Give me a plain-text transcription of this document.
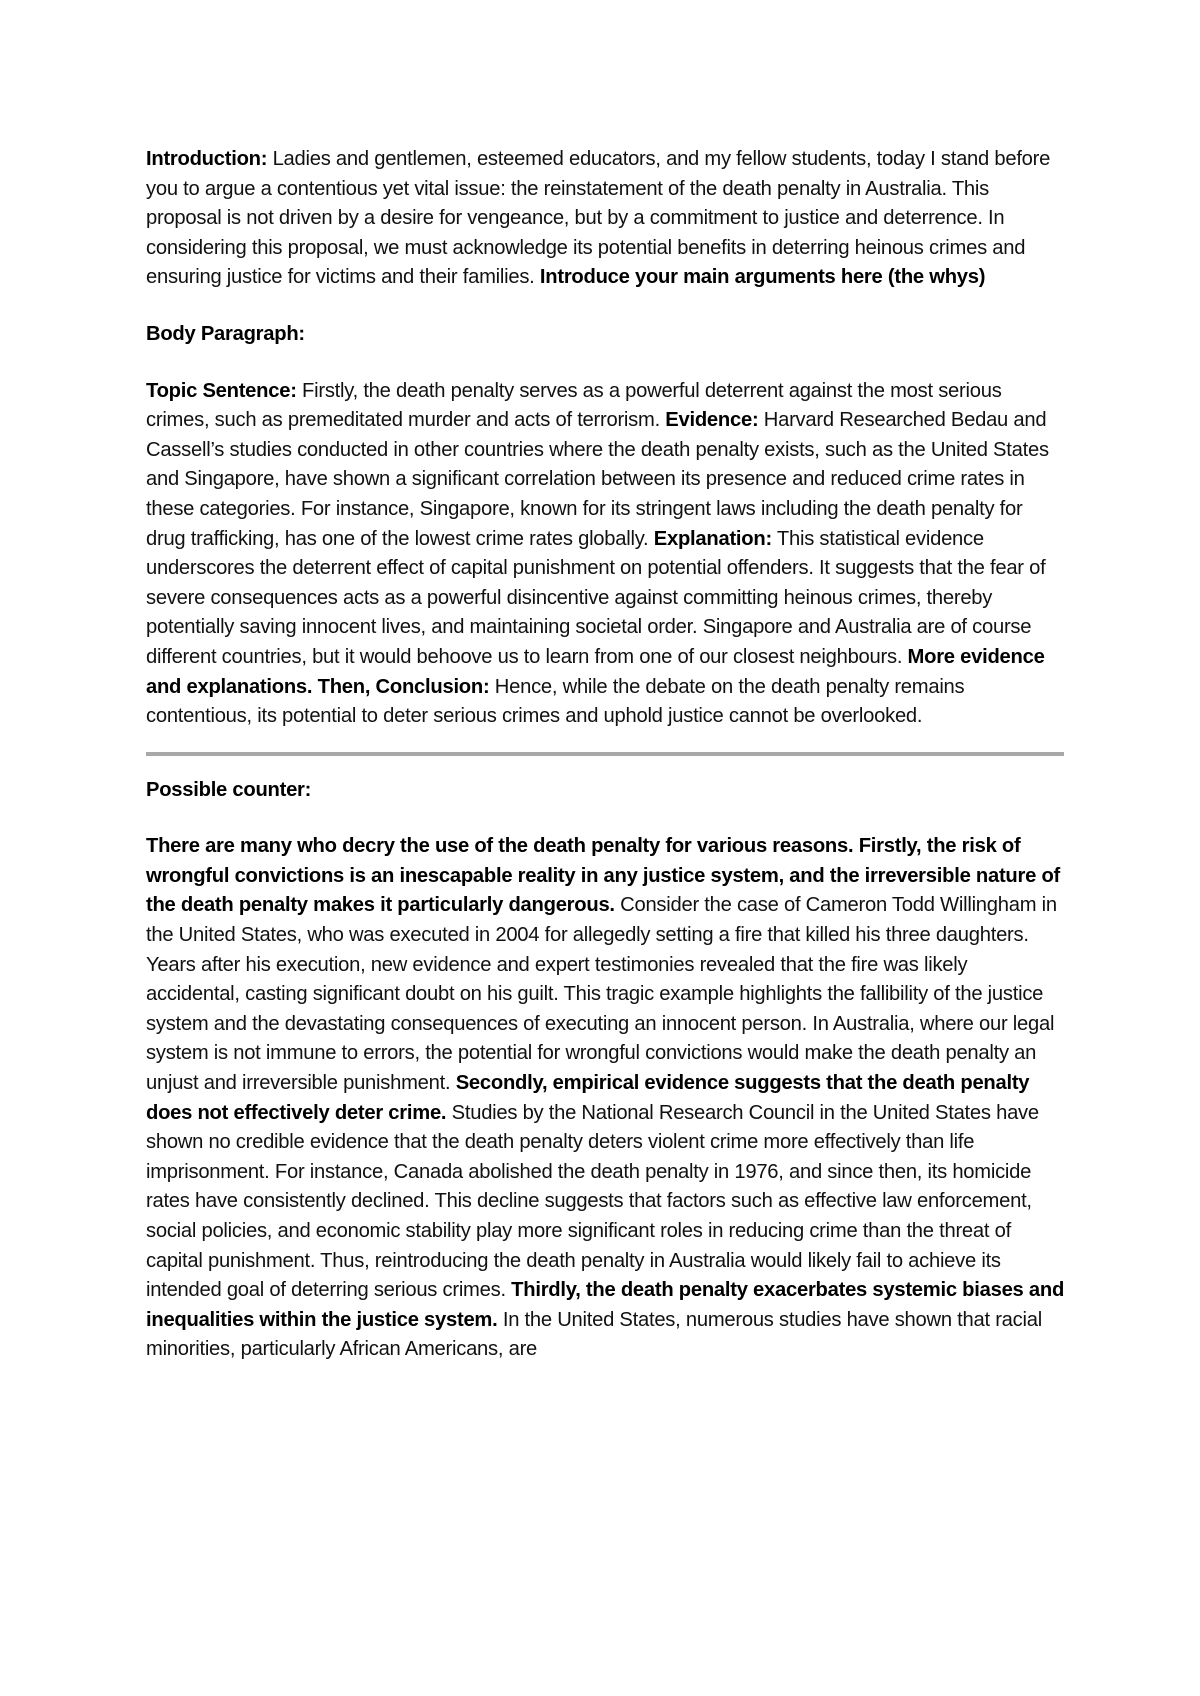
Introduction: Ladies and gentlemen, esteemed educators, and my fellow students, today I stand before you to argue a contentious yet vital issue: the reinstatement of the death penalty in Australia. This proposal is not driven by a desire for vengeance, but by a commitment to justice and deterrence. In considering this proposal, we must acknowledge its potential benefits in deterring heinous crimes and ensuring justice for victims and their families. Introduce your main arguments here (the whys)

Body Paragraph:

Topic Sentence: Firstly, the death penalty serves as a powerful deterrent against the most serious crimes, such as premeditated murder and acts of terrorism. Evidence: Harvard Researched Bedau and Cassell’s studies conducted in other countries where the death penalty exists, such as the United States and Singapore, have shown a significant correlation between its presence and reduced crime rates in these categories. For instance, Singapore, known for its stringent laws including the death penalty for drug trafficking, has one of the lowest crime rates globally. Explanation: This statistical evidence underscores the deterrent effect of capital punishment on potential offenders. It suggests that the fear of severe consequences acts as a powerful disincentive against committing heinous crimes, thereby potentially saving innocent lives, and maintaining societal order. Singapore and Australia are of course different countries, but it would behoove us to learn from one of our closest neighbours. More evidence and explanations. Then, Conclusion: Hence, while the debate on the death penalty remains contentious, its potential to deter serious crimes and uphold justice cannot be overlooked.

Possible counter:

There are many who decry the use of the death penalty for various reasons. Firstly, the risk of wrongful convictions is an inescapable reality in any justice system, and the irreversible nature of the death penalty makes it particularly dangerous. Consider the case of Cameron Todd Willingham in the United States, who was executed in 2004 for allegedly setting a fire that killed his three daughters. Years after his execution, new evidence and expert testimonies revealed that the fire was likely accidental, casting significant doubt on his guilt. This tragic example highlights the fallibility of the justice system and the devastating consequences of executing an innocent person. In Australia, where our legal system is not immune to errors, the potential for wrongful convictions would make the death penalty an unjust and irreversible punishment. Secondly, empirical evidence suggests that the death penalty does not effectively deter crime. Studies by the National Research Council in the United States have shown no credible evidence that the death penalty deters violent crime more effectively than life imprisonment. For instance, Canada abolished the death penalty in 1976, and since then, its homicide rates have consistently declined. This decline suggests that factors such as effective law enforcement, social policies, and economic stability play more significant roles in reducing crime than the threat of capital punishment. Thus, reintroducing the death penalty in Australia would likely fail to achieve its intended goal of deterring serious crimes. Thirdly, the death penalty exacerbates systemic biases and inequalities within the justice system. In the United States, numerous studies have shown that racial minorities, particularly African Americans, are
